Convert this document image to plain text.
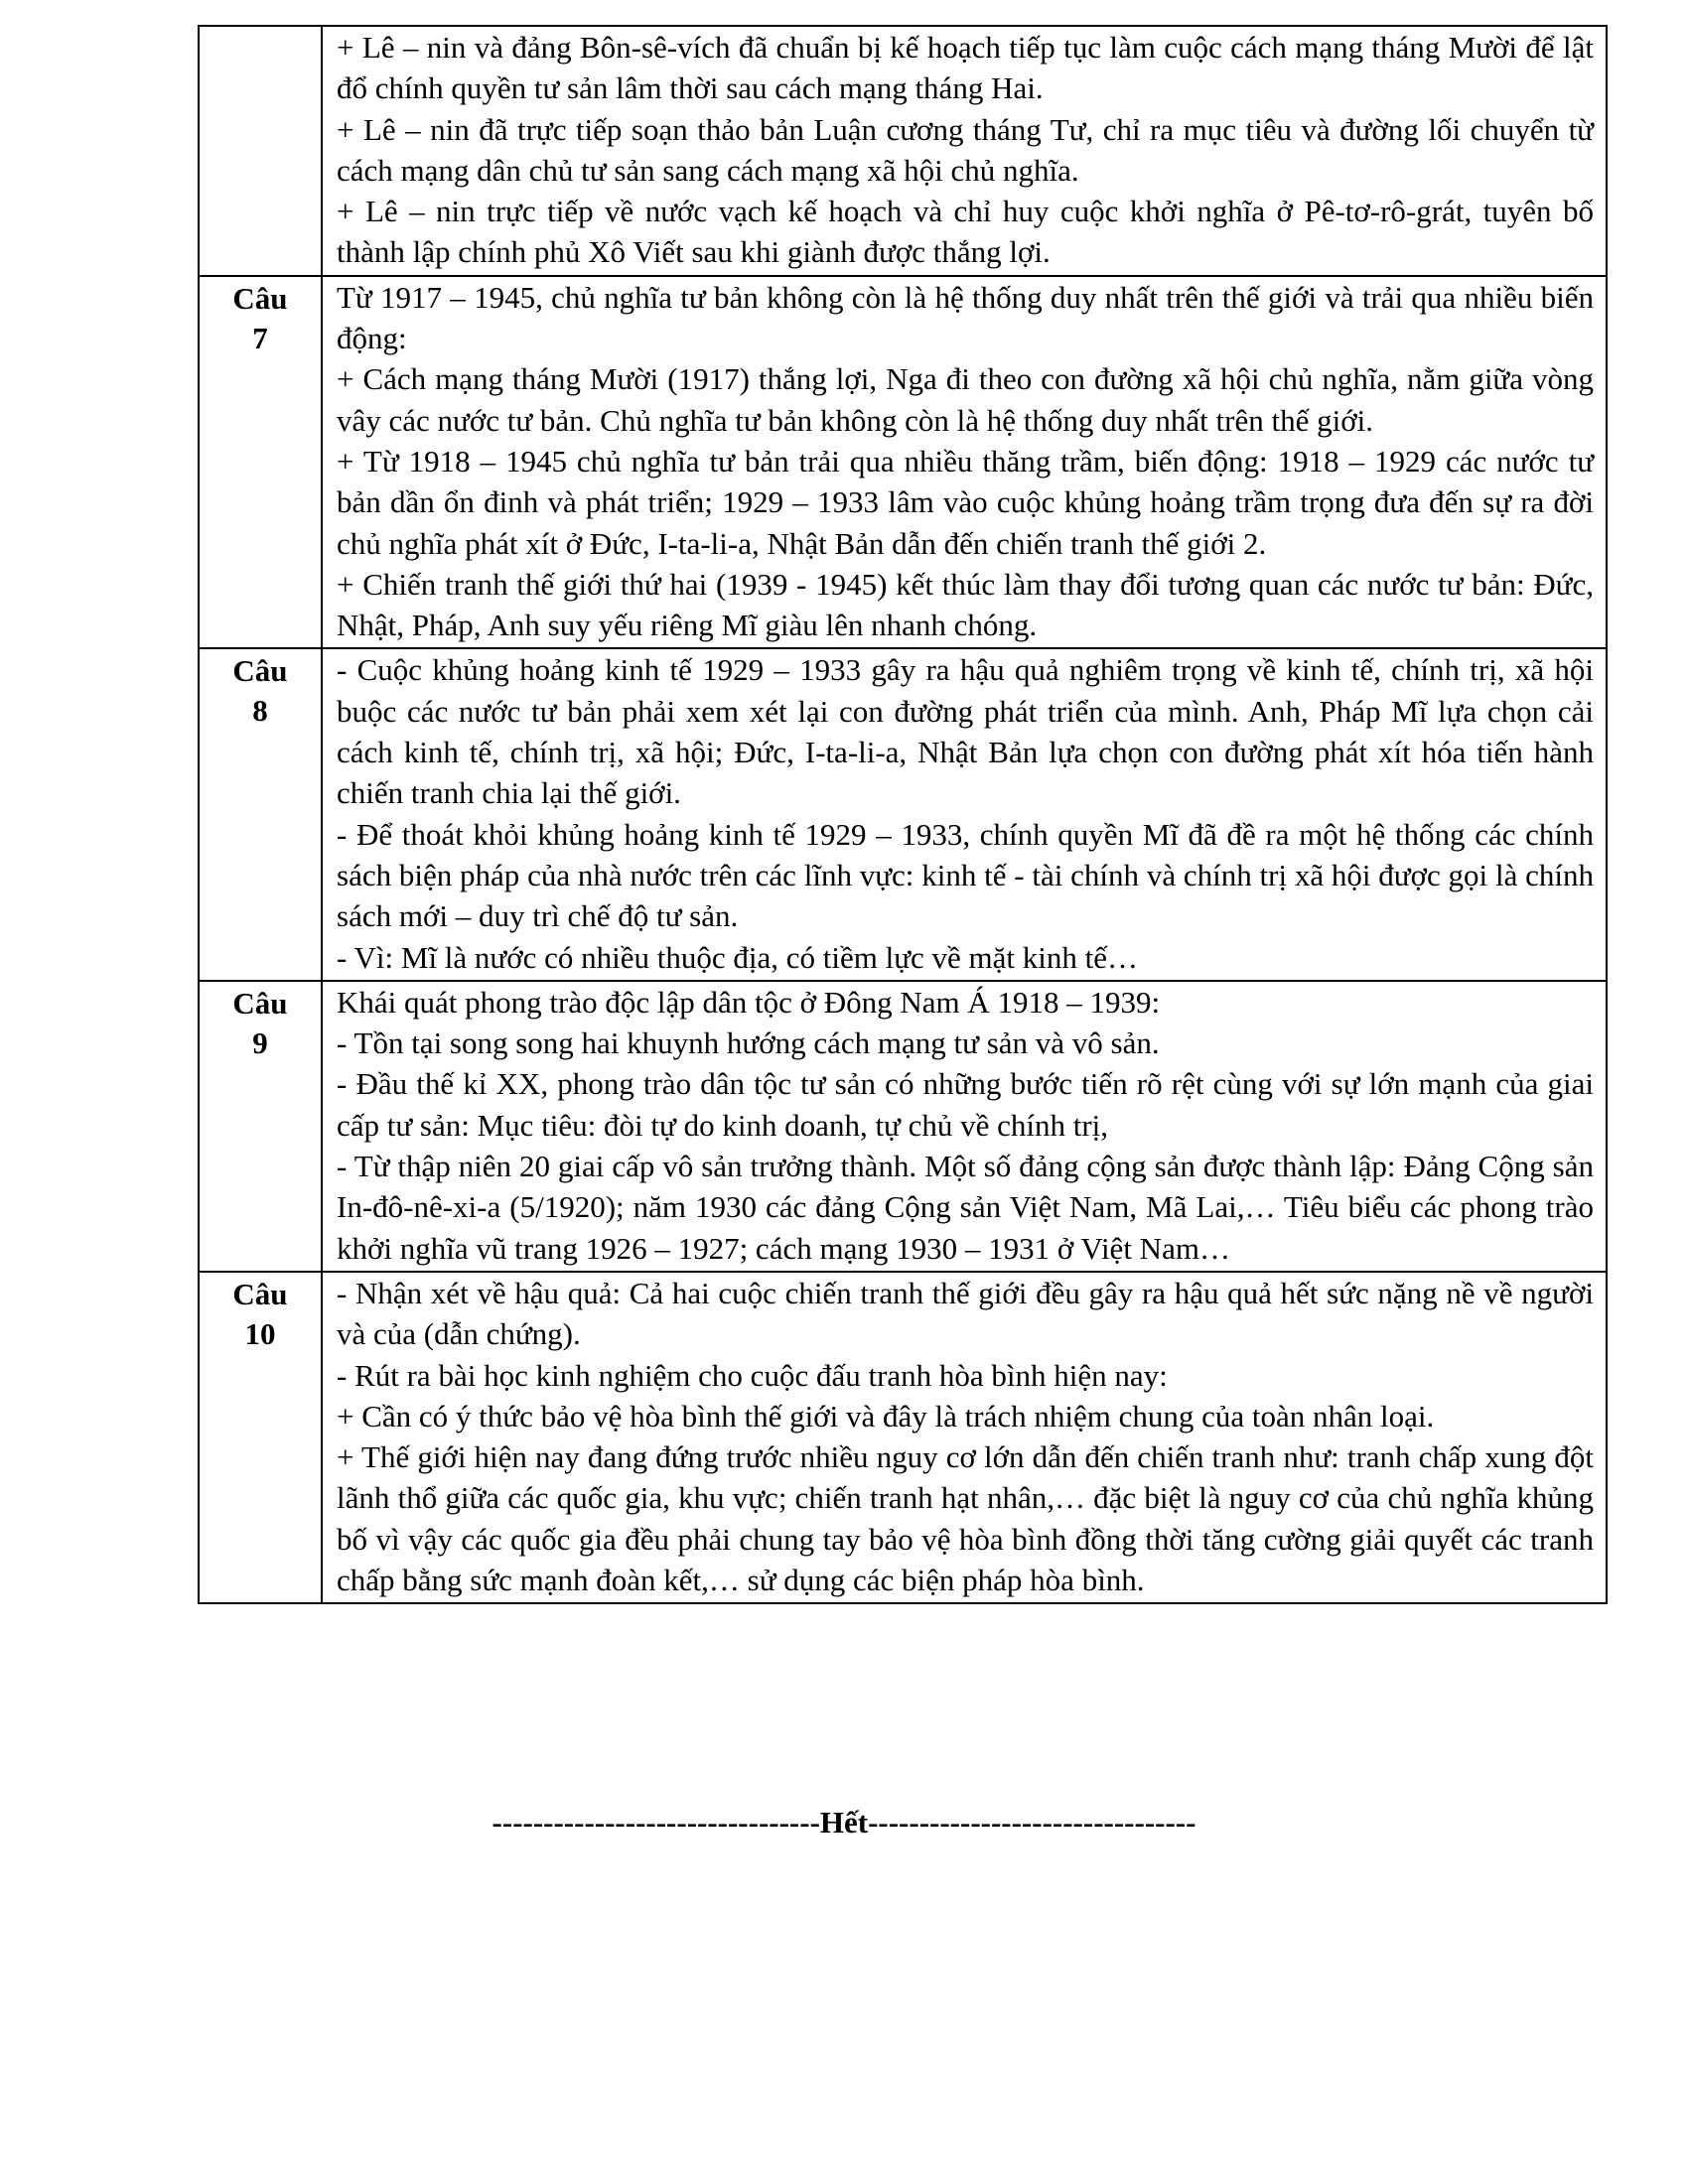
	+ Lê – nin và đảng Bôn-sê-vích đã chuẩn bị kế hoạch tiếp tục làm cuộc cách mạng tháng Mười để lật đổ chính quyền tư sản lâm thời sau cách mạng tháng Hai.

+ Lê – nin đã trực tiếp soạn thảo bản Luận cương tháng Tư, chỉ ra mục tiêu và đường lối chuyển từ cách mạng dân chủ tư sản sang cách mạng xã hội chủ nghĩa.

+ Lê – nin trực tiếp về nước vạch kế hoạch và chỉ huy cuộc khởi nghĩa ở Pê-tơ-rô-grát, tuyên bố thành lập chính phủ Xô Viết sau khi giành được thắng lợi.

Câu 7	Từ 1917 – 1945, chủ nghĩa tư bản không còn là hệ thống duy nhất trên thế giới và trải qua nhiều biến động:

+ Cách mạng tháng Mười (1917) thắng lợi, Nga đi theo con đường xã hội chủ nghĩa, nằm giữa vòng vây các nước tư bản. Chủ nghĩa tư bản không còn là hệ thống duy nhất trên thế giới.

+ Từ 1918 – 1945 chủ nghĩa tư bản trải qua nhiều thăng trầm, biến động: 1918 – 1929 các nước tư bản dần ổn đinh và phát triển; 1929 – 1933 lâm vào cuộc khủng hoảng trầm trọng đưa đến sự ra đời chủ nghĩa phát xít ở Đức, I-ta-li-a, Nhật Bản dẫn đến chiến tranh thế giới 2.

+ Chiến tranh thế giới thứ hai (1939 - 1945) kết thúc làm thay đổi tương quan các nước tư bản: Đức, Nhật, Pháp, Anh suy yếu riêng Mĩ giàu lên nhanh chóng.

Câu 8	- Cuộc khủng hoảng kinh tế 1929 – 1933 gây ra hậu quả nghiêm trọng về kinh tế, chính trị, xã hội buộc các nước tư bản phải xem xét lại con đường phát triển của mình. Anh, Pháp Mĩ lựa chọn cải cách kinh tế, chính trị, xã hội; Đức, I-ta-li-a, Nhật Bản lựa chọn con đường phát xít hóa tiến hành chiến tranh chia lại thế giới.

- Để thoát khỏi khủng hoảng kinh tế 1929 – 1933, chính quyền Mĩ đã đề ra một hệ thống các chính sách biện pháp của nhà nước trên các lĩnh vực: kinh tế - tài chính và chính trị xã hội được gọi là chính sách mới – duy trì chế độ tư sản.

- Vì: Mĩ là nước có nhiều thuộc địa, có tiềm lực về mặt kinh tế…

Câu 9	Khái quát phong trào độc lập dân tộc ở Đông Nam Á 1918 – 1939:

- Tồn tại song song hai khuynh hướng cách mạng tư sản và vô sản.

- Đầu thế kỉ XX, phong trào dân tộc tư sản có những bước tiến rõ rệt cùng với sự lớn mạnh của giai cấp tư sản: Mục tiêu: đòi tự do kinh doanh, tự chủ về chính trị,

- Từ thập niên 20 giai cấp vô sản trưởng thành. Một số đảng cộng sản được thành lập: Đảng Cộng sản In-đô-nê-xi-a (5/1920); năm 1930 các đảng Cộng sản Việt Nam, Mã Lai,… Tiêu biểu các phong trào khởi nghĩa vũ trang 1926 – 1927; cách mạng 1930 – 1931 ở Việt Nam…

Câu 10	- Nhận xét về hậu quả: Cả hai cuộc chiến tranh thế giới đều gây ra hậu quả hết sức nặng nề về người và của (dẫn chứng).

- Rút ra bài học kinh nghiệm cho cuộc đấu tranh hòa bình hiện nay:

+ Cần có ý thức bảo vệ hòa bình thế giới và đây là trách nhiệm chung của toàn nhân loại.

+ Thế giới hiện nay đang đứng trước nhiều nguy cơ lớn dẫn đến chiến tranh như: tranh chấp xung đột lãnh thổ giữa các quốc gia, khu vực; chiến tranh hạt nhân,… đặc biệt là nguy cơ của chủ nghĩa khủng bố vì vậy các quốc gia đều phải chung tay bảo vệ hòa bình đồng thời tăng cường giải quyết các tranh chấp bằng sức mạnh đoàn kết,… sử dụng các biện pháp hòa bình.

--------------------------------Hết--------------------------------
